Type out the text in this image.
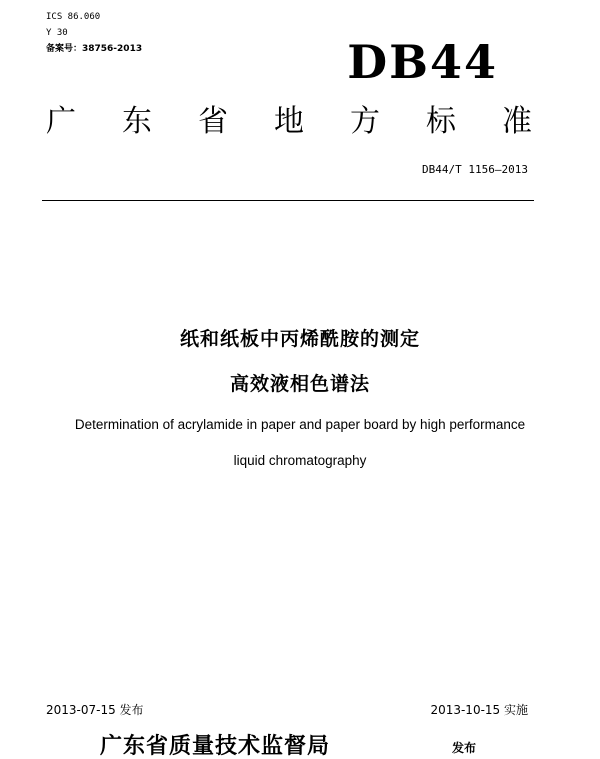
ICS 86.060
Y 30
备案号：38756-2013	DB44
广 东 省 地 方 标 准
DB44/T 1156—2013
纸和纸板中丙烯酰胺的测定
高效液相色谱法
Determination of acrylamide in paper and paper board by high performance
liquid chromatography
2013-07-15 发布	2013-10-15 实施
广东省质量技术监督局	发布
